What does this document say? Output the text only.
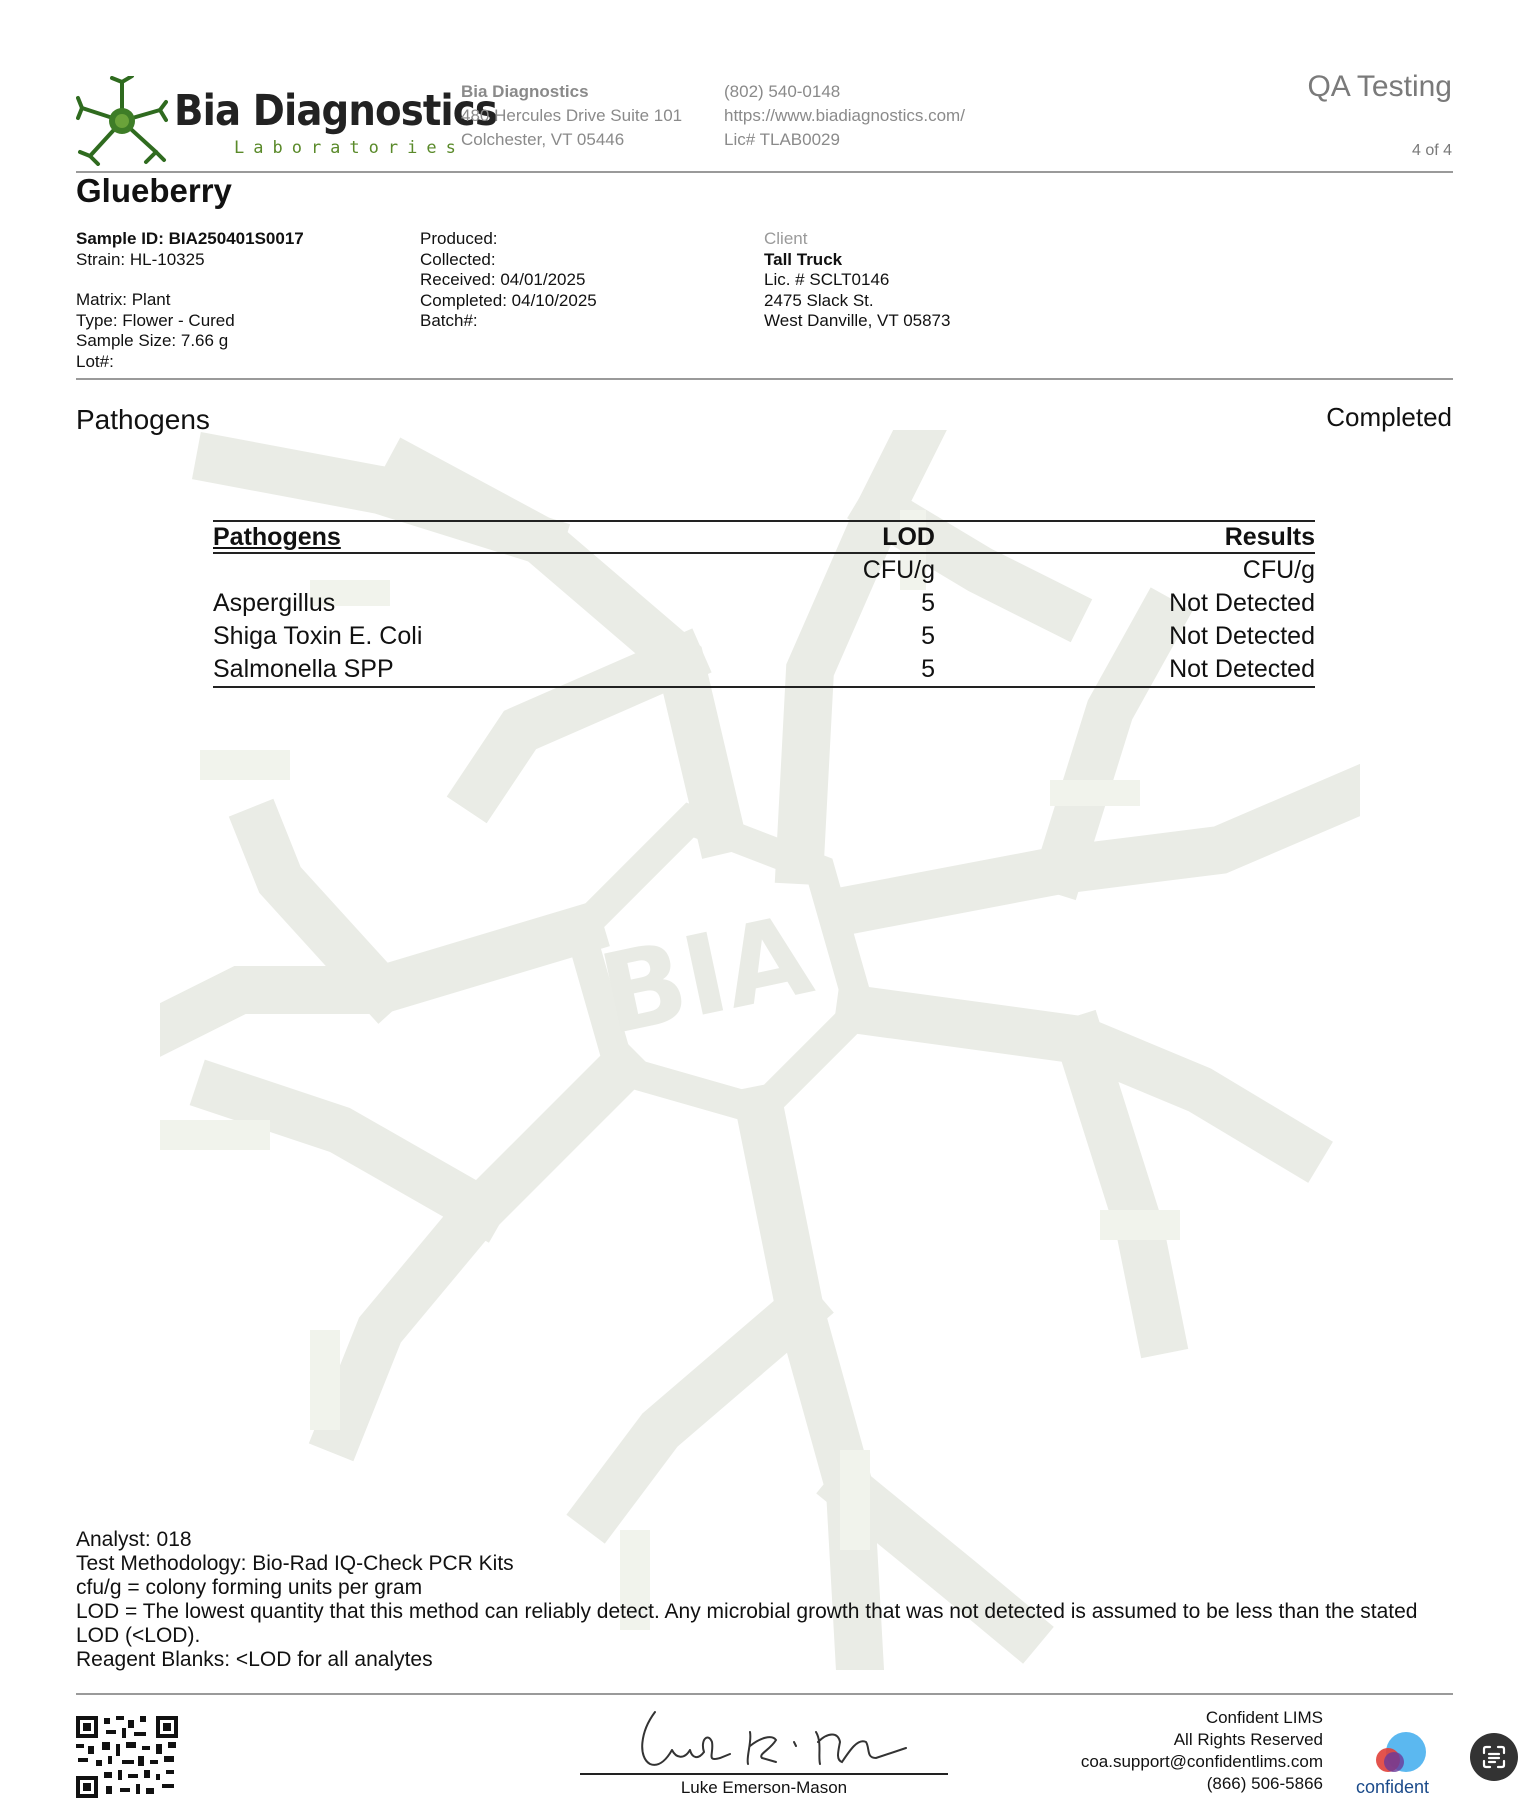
BIA
Bia Diagnostics
Laboratories
Bia Diagnostics
480 Hercules Drive Suite 101
Colchester, VT 05446
(802) 540-0148
https://www.biadiagnostics.com/
Lic# TLAB0029
QA Testing
4 of 4
Glueberry
Sample ID: BIA250401S0017
Strain: HL-10325
Matrix: Plant
Type: Flower - Cured
Sample Size: 7.66 g
Lot#:
Produced:
Collected:
Received: 04/01/2025
Completed: 04/10/2025
Batch#:
Client
Tall Truck
Lic. # SCLT0146
2475 Slack St.
West Danville, VT 05873
Pathogens	Completed
Pathogens	LOD	Results
	CFU/g	CFU/g
Aspergillus	5	Not Detected
Shiga Toxin E. Coli	5	Not Detected
Salmonella SPP	5	Not Detected
Analyst: 018
Test Methodology: Bio-Rad IQ-Check PCR Kits
cfu/g = colony forming units per gram
LOD = The lowest quantity that this method can reliably detect. Any microbial growth that was not detected is assumed to be less than the stated LOD (<LOD).
Reagent Blanks: <LOD for all analytes
Luke Emerson-Mason
Confident LIMS
All Rights Reserved
coa.support@confidentlims.com
(866) 506-5866 confident
